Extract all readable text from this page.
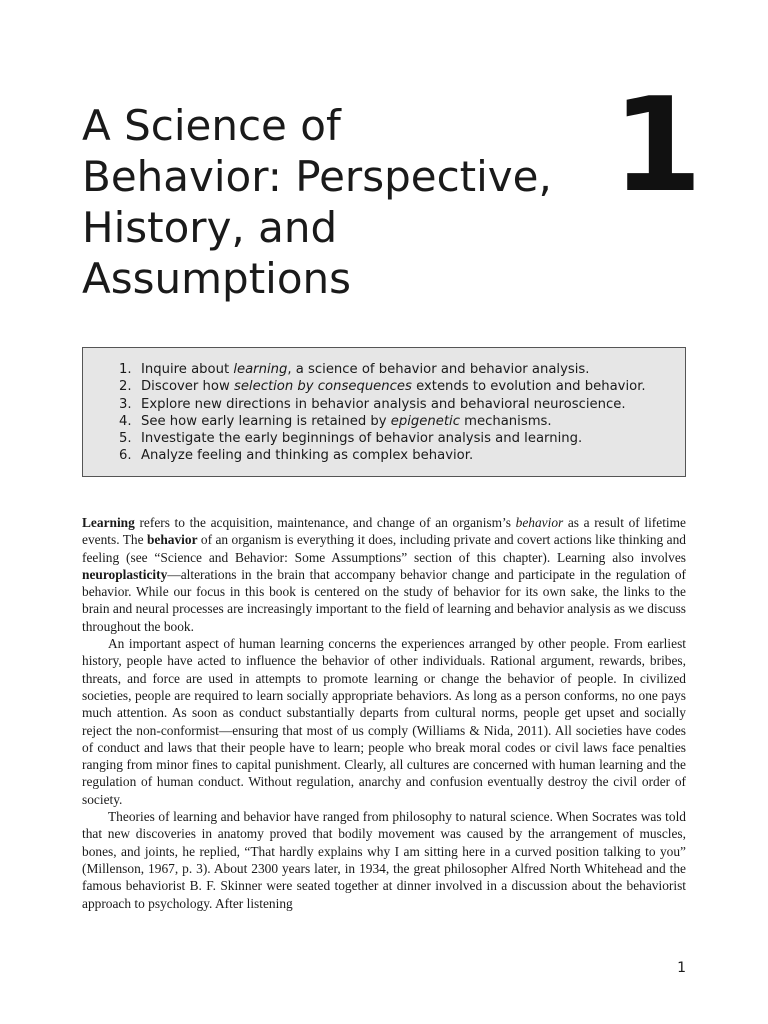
A Science of
Behavior: Perspective,
History, and
Assumptions
1
1. Inquire about learning, a science of behavior and behavior analysis.
2. Discover how selection by consequences extends to evolution and behavior.
3. Explore new directions in behavior analysis and behavioral neuroscience.
4. See how early learning is retained by epigenetic mechanisms.
5. Investigate the early beginnings of behavior analysis and learning.
6. Analyze feeling and thinking as complex behavior.

Learning refers to the acquisition, maintenance, and change of an organism’s behavior as a result of lifetime events. The behavior of an organism is everything it does, including private and covert actions like thinking and feeling (see “Science and Behavior: Some Assumptions” section of this chapter). Learning also involves neuroplasticity—alterations in the brain that accompany behavior change and participate in the regulation of behavior. While our focus in this book is centered on the study of behavior for its own sake, the links to the brain and neural processes are increasingly important to the field of learning and behavior analysis as we discuss throughout the book.

An important aspect of human learning concerns the experiences arranged by other people. From earliest history, people have acted to influence the behavior of other individuals. Rational argument, rewards, bribes, threats, and force are used in attempts to promote learning or change the behavior of people. In civilized societies, people are required to learn socially appropriate behaviors. As long as a person conforms, no one pays much attention. As soon as conduct substantially departs from cultural norms, people get upset and socially reject the non-conformist—ensuring that most of us comply (Williams & Nida, 2011). All societies have codes of conduct and laws that their people have to learn; people who break moral codes or civil laws face penalties ranging from minor fines to capital punishment. Clearly, all cultures are concerned with human learning and the regulation of human conduct. Without regulation, anarchy and confusion eventually destroy the civil order of society.

Theories of learning and behavior have ranged from philosophy to natural science. When Socrates was told that new discoveries in anatomy proved that bodily movement was caused by the arrangement of muscles, bones, and joints, he replied, “That hardly explains why I am sitting here in a curved position talking to you” (Millenson, 1967, p. 3). About 2300 years later, in 1934, the great philosopher Alfred North Whitehead and the famous behaviorist B. F. Skinner were seated together at dinner involved in a discussion about the behaviorist approach to psychology. After listening

1
